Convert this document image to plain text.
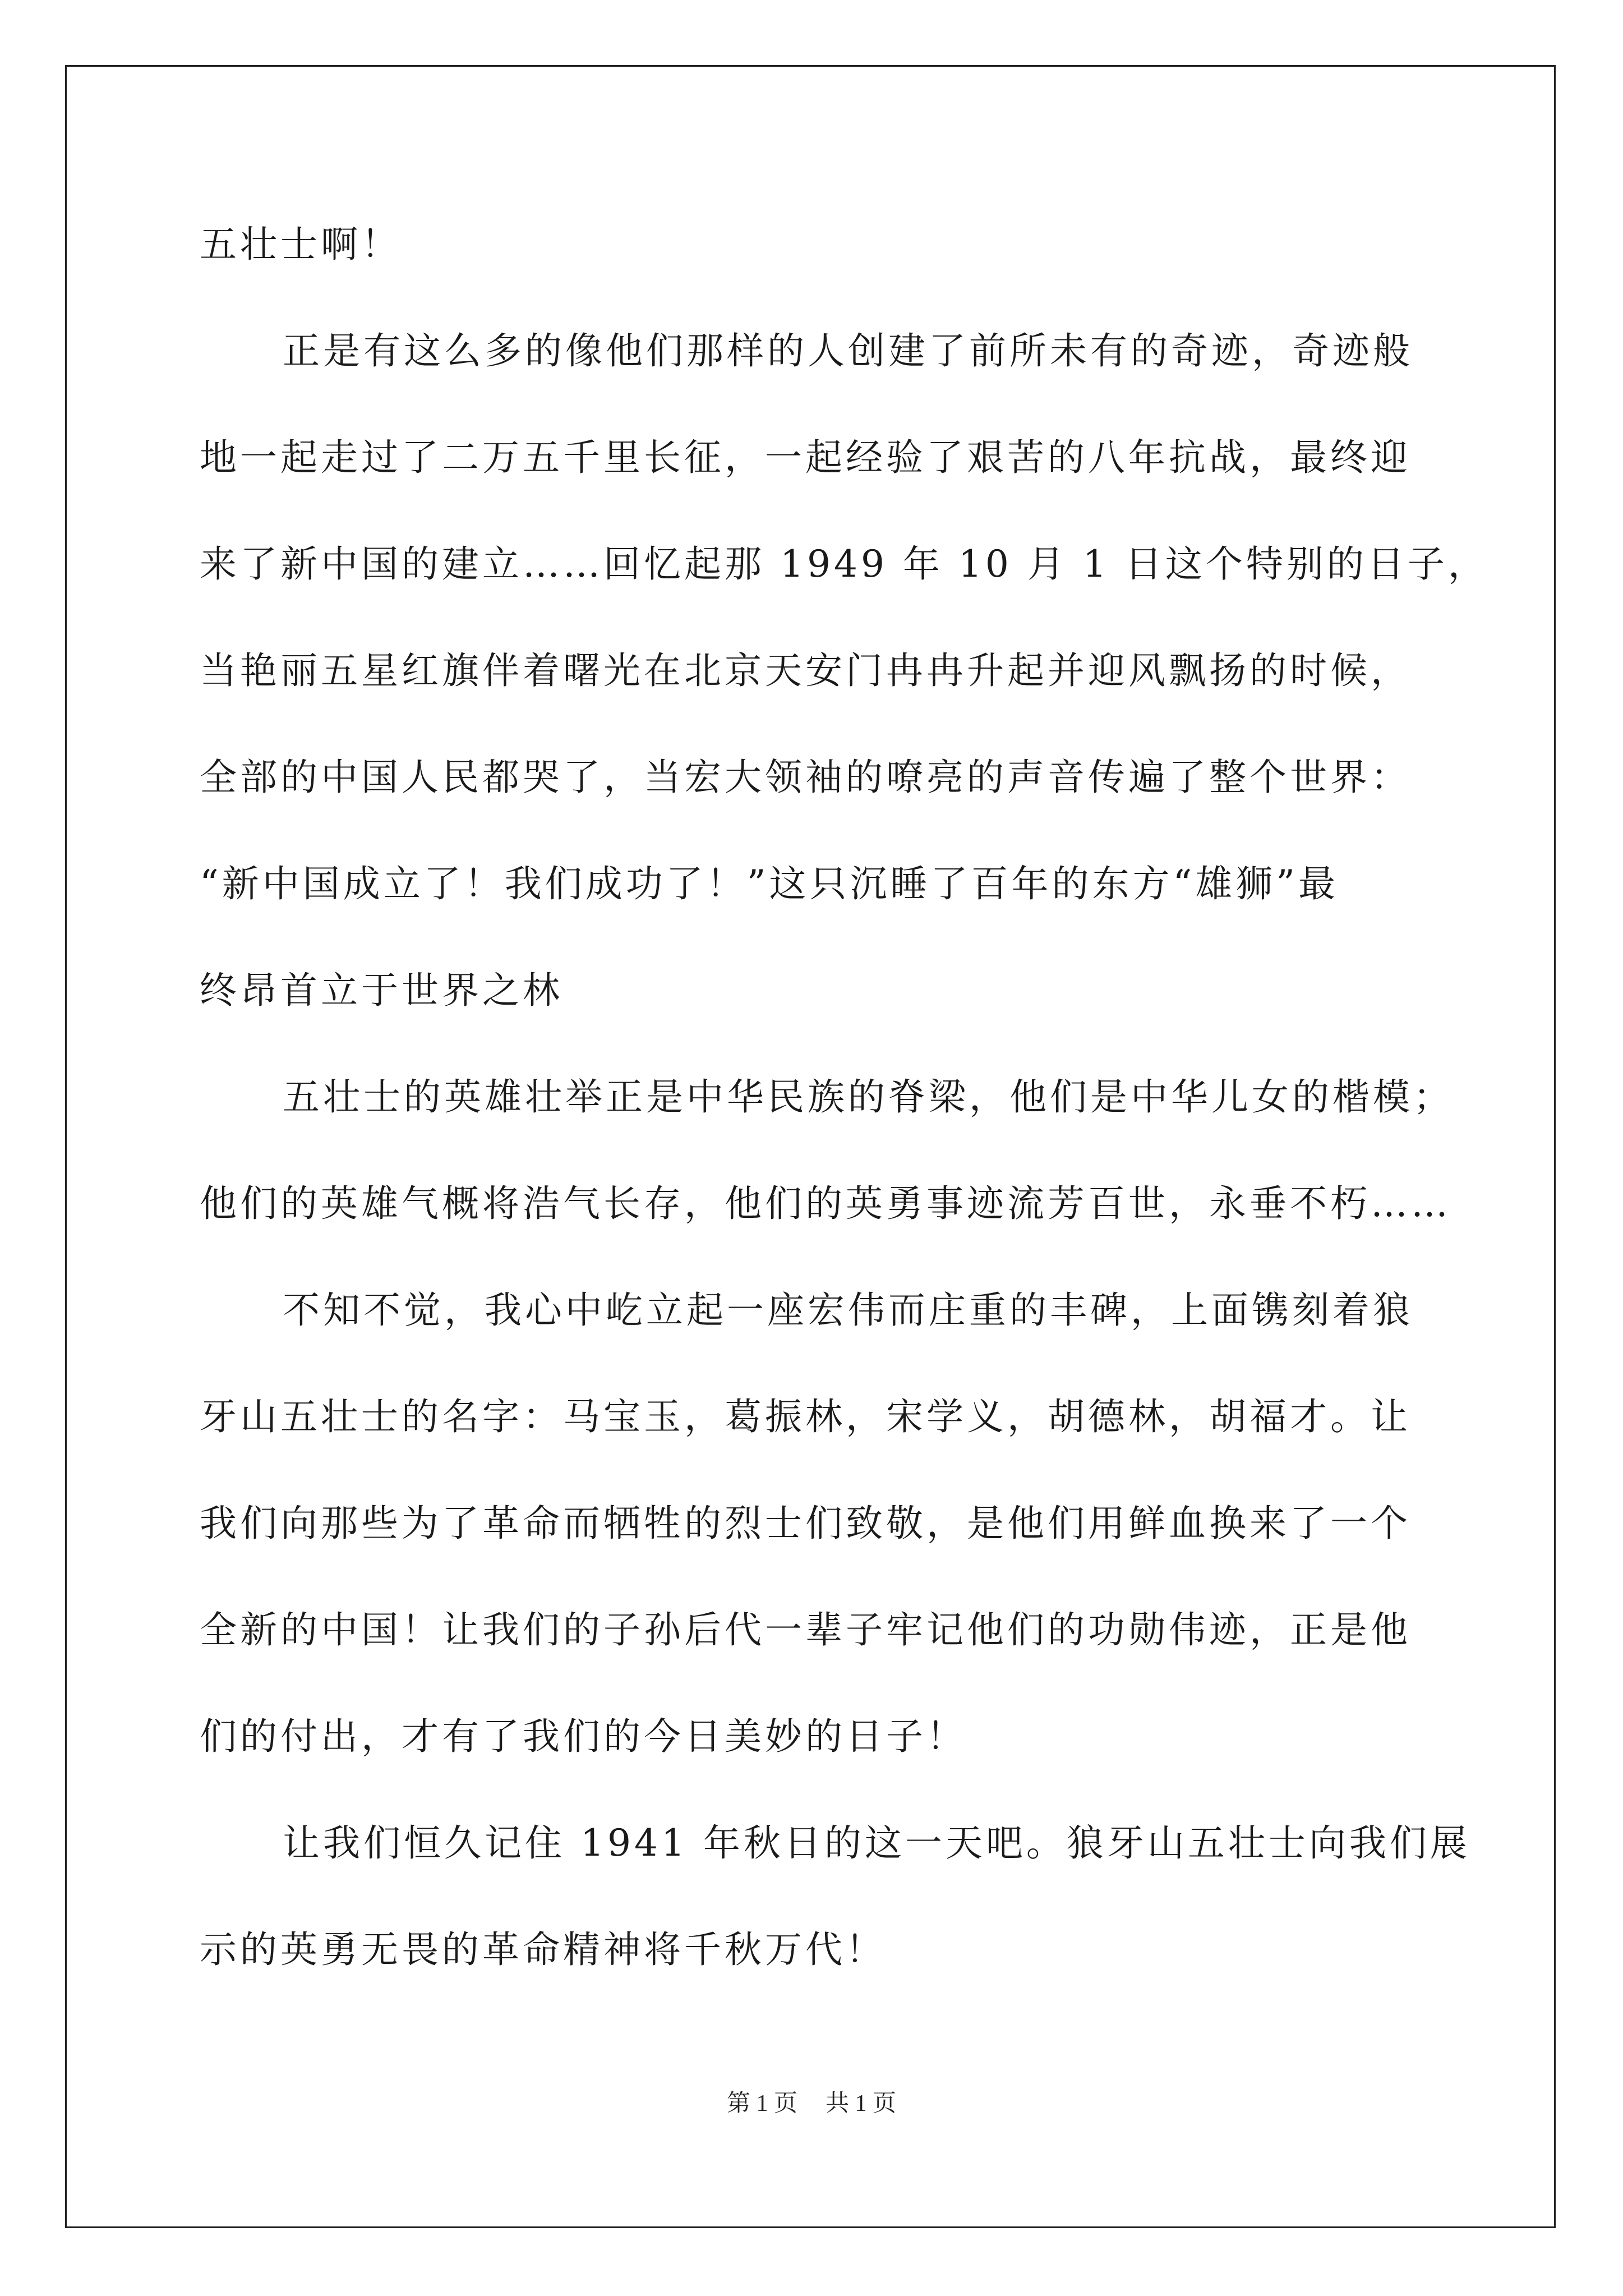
五壮士啊！
正是有这么多的像他们那样的人创建了前所未有的奇迹，奇迹般
地一起走过了二万五千里长征，一起经验了艰苦的八年抗战，最终迎
来了新中国的建立……回忆起那 1949 年 10 月 1 日这个特别的日子，
当艳丽五星红旗伴着曙光在北京天安门冉冉升起并迎风飘扬的时候，
全部的中国人民都哭了，当宏大领袖的嘹亮的声音传遍了整个世界：
“新中国成立了！我们成功了！”这只沉睡了百年的东方“雄狮”最
终昂首立于世界之林
五壮士的英雄壮举正是中华民族的脊梁，他们是中华儿女的楷模；
他们的英雄气概将浩气长存，他们的英勇事迹流芳百世，永垂不朽……
不知不觉，我心中屹立起一座宏伟而庄重的丰碑，上面镌刻着狼
牙山五壮士的名字：马宝玉，葛振林，宋学义，胡德林，胡福才。让
我们向那些为了革命而牺牲的烈士们致敬，是他们用鲜血换来了一个
全新的中国！让我们的子孙后代一辈子牢记他们的功勋伟迹，正是他
们的付出，才有了我们的今日美妙的日子！
让我们恒久记住 1941 年秋日的这一天吧。狼牙山五壮士向我们展
示的英勇无畏的革命精神将千秋万代！
第 1 页 共 1 页
